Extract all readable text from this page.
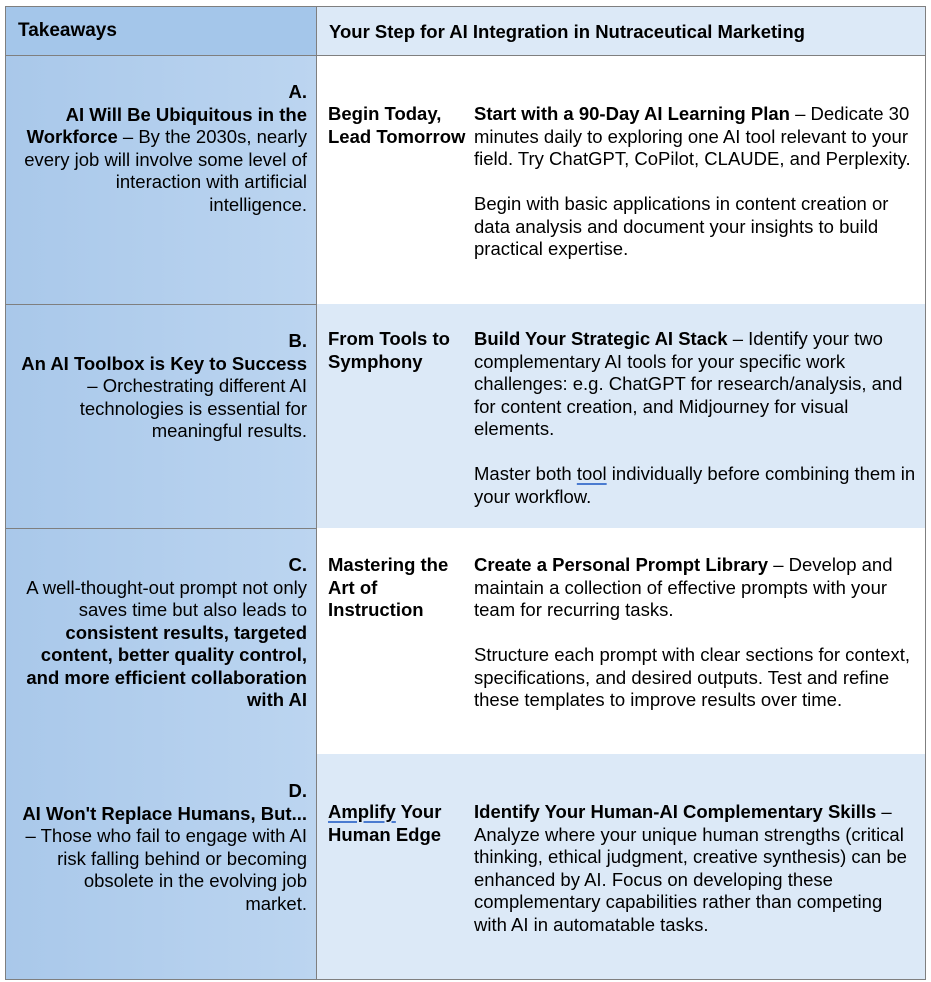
Takeaways	Your Step for AI Integration in Nutraceutical Marketing
A.
AI Will Be Ubiquitous in the Workforce – By the 2030s, nearly every job will involve some level of interaction with artificial intelligence.
Begin Today, Lead Tomorrow

Start with a 90-Day AI Learning Plan – Dedicate 30 minutes daily to exploring one AI tool relevant to your field. Try ChatGPT, CoPilot, CLAUDE, and Perplexity.

Begin with basic applications in content creation or data analysis and document your insights to build practical expertise.

B.
An AI Toolbox is Key to Success – Orchestrating different AI technologies is essential for meaningful results.
From Tools to Symphony

Build Your Strategic AI Stack – Identify your two complementary AI tools for your specific work challenges: e.g. ChatGPT for research/analysis, and for content creation, and Midjourney for visual elements.

Master both tool individually before combining them in your workflow.

C.
A well-thought-out prompt not only saves time but also leads to consistent results, targeted content, better quality control, and more efficient collaboration with AI
Mastering the Art of Instruction

Create a Personal Prompt Library – Develop and maintain a collection of effective prompts with your team for recurring tasks.

Structure each prompt with clear sections for context, specifications, and desired outputs. Test and refine these templates to improve results over time.

D.
AI Won't Replace Humans, But... – Those who fail to engage with AI risk falling behind or becoming obsolete in the evolving job market.
Amplify Your Human Edge

Identify Your Human-AI Complementary Skills – Analyze where your unique human strengths (critical thinking, ethical judgment, creative synthesis) can be enhanced by AI. Focus on developing these complementary capabilities rather than competing with AI in automatable tasks.
